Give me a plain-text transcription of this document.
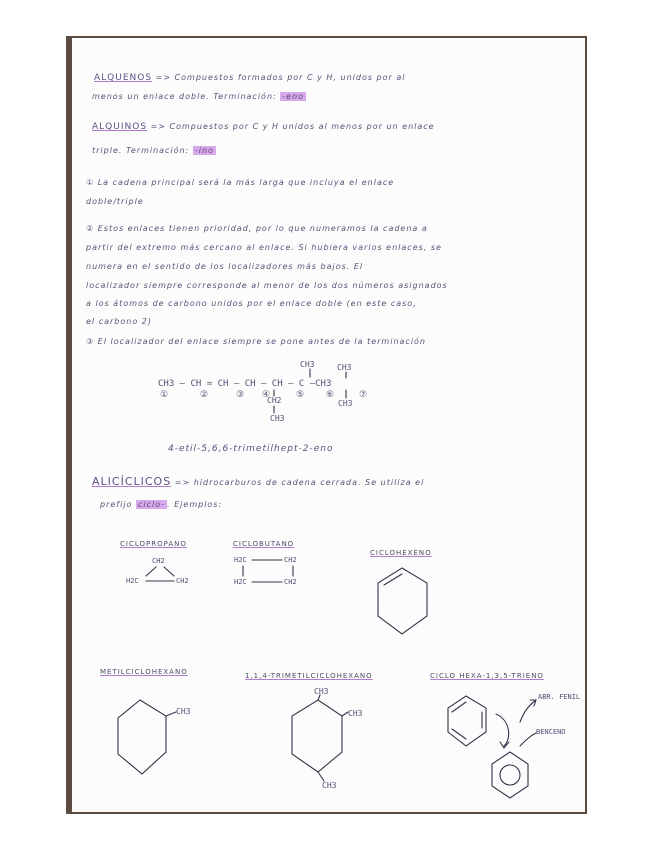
ALQUENOS => Compuestos formados por C y H, unidos por al
menos un enlace doble. Terminación: -eno
ALQUINOS => Compuestos por C y H unidos al menos por un enlace
triple. Terminación: -ino
① La cadena principal será la más larga que incluya el enlace
doble/triple
② Estos enlaces tienen prioridad, por lo que numeramos la cadena a
partir del extremo más cercano al enlace. Si hubiera varios enlaces, se
numera en el sentido de los localizadores más bajos. El
localizador siempre corresponde al menor de los dos números asignados
a los átomos de carbono unidos por el enlace doble (en este caso,
el carbono 2)
③ El localizador del enlace siempre se pone antes de la terminación
CH3	CH3
CH3 – CH = CH – CH – CH – C –CH3
①	②	③ ④	⑤ ⑥	⑦
CH2
CH3
CH3
4-etil-5,6,6-trimetilhept-2-eno
ALICÍCLICOS => hidrocarburos de cadena cerrada. Se utiliza el
prefijo ciclo- . Ejemplos:
CICLOPROPANO
CH2
H2C	CH2
CICLOBUTANO
H2C	CH2
H2C	CH2
CICLOHEXENO
METILCICLOHEXANO
CH3
1,1,4-TRIMETILCICLOHEXANO
CH3
CH3
CH3
CICLO HEXA-1,3,5-TRIENO
ABR. FENIL
BENCENO
